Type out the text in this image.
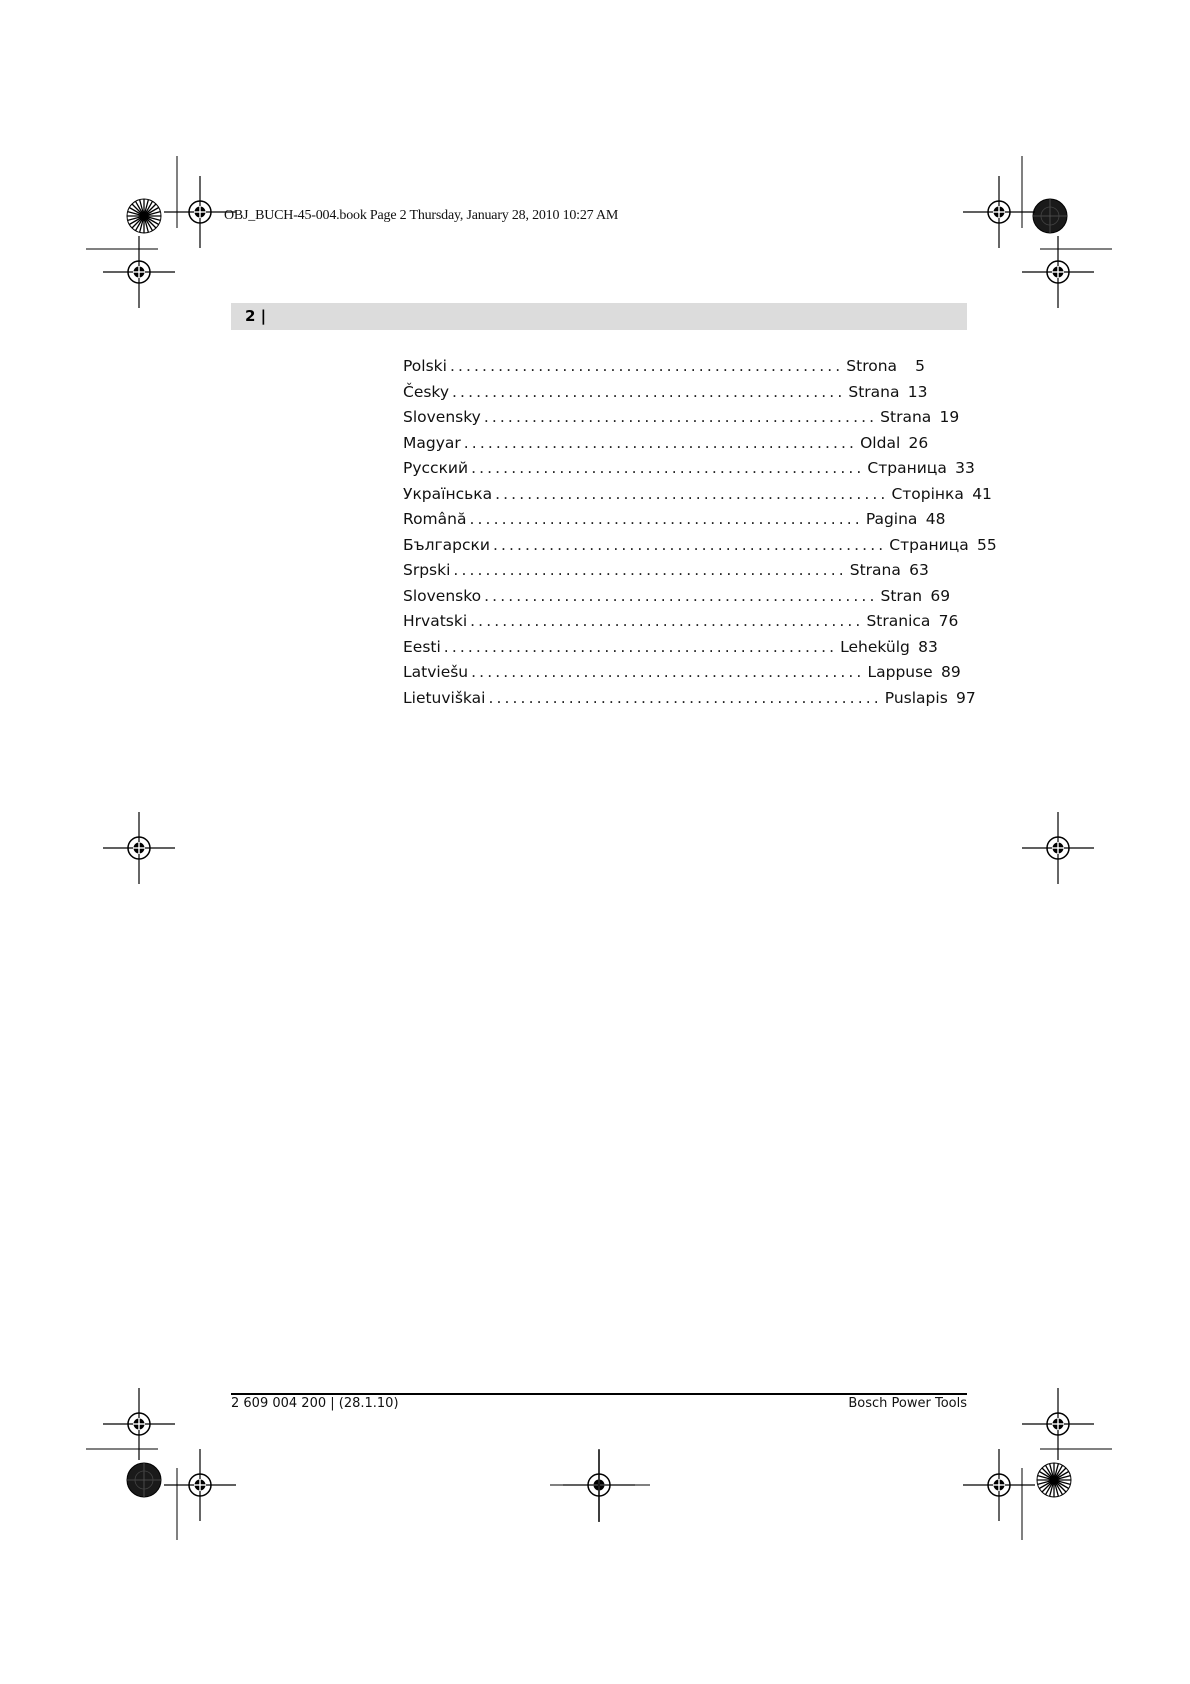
OBJ_BUCH-45-004.book Page 2 Thursday, January 28, 2010 10:27 AM
2 |
Polski ................................................. Strona	5
Česky ................................................. Strana 13
Slovensky ................................................. Strana 19
Magyar ................................................. Oldal 26
Русский ................................................. Страница 33
Українська ................................................. Сторінка 41
Română ................................................. Pagina 48
Български ................................................. Страница 55
Srpski ................................................. Strana 63
Slovensko ................................................. Stran 69
Hrvatski ................................................. Stranica 76
Eesti ................................................. Lehekülg 83
Latviešu ................................................. Lappuse 89
Lietuviškai ................................................. Puslapis 97
2 609 004 200 | (28.1.10)	Bosch Power Tools
